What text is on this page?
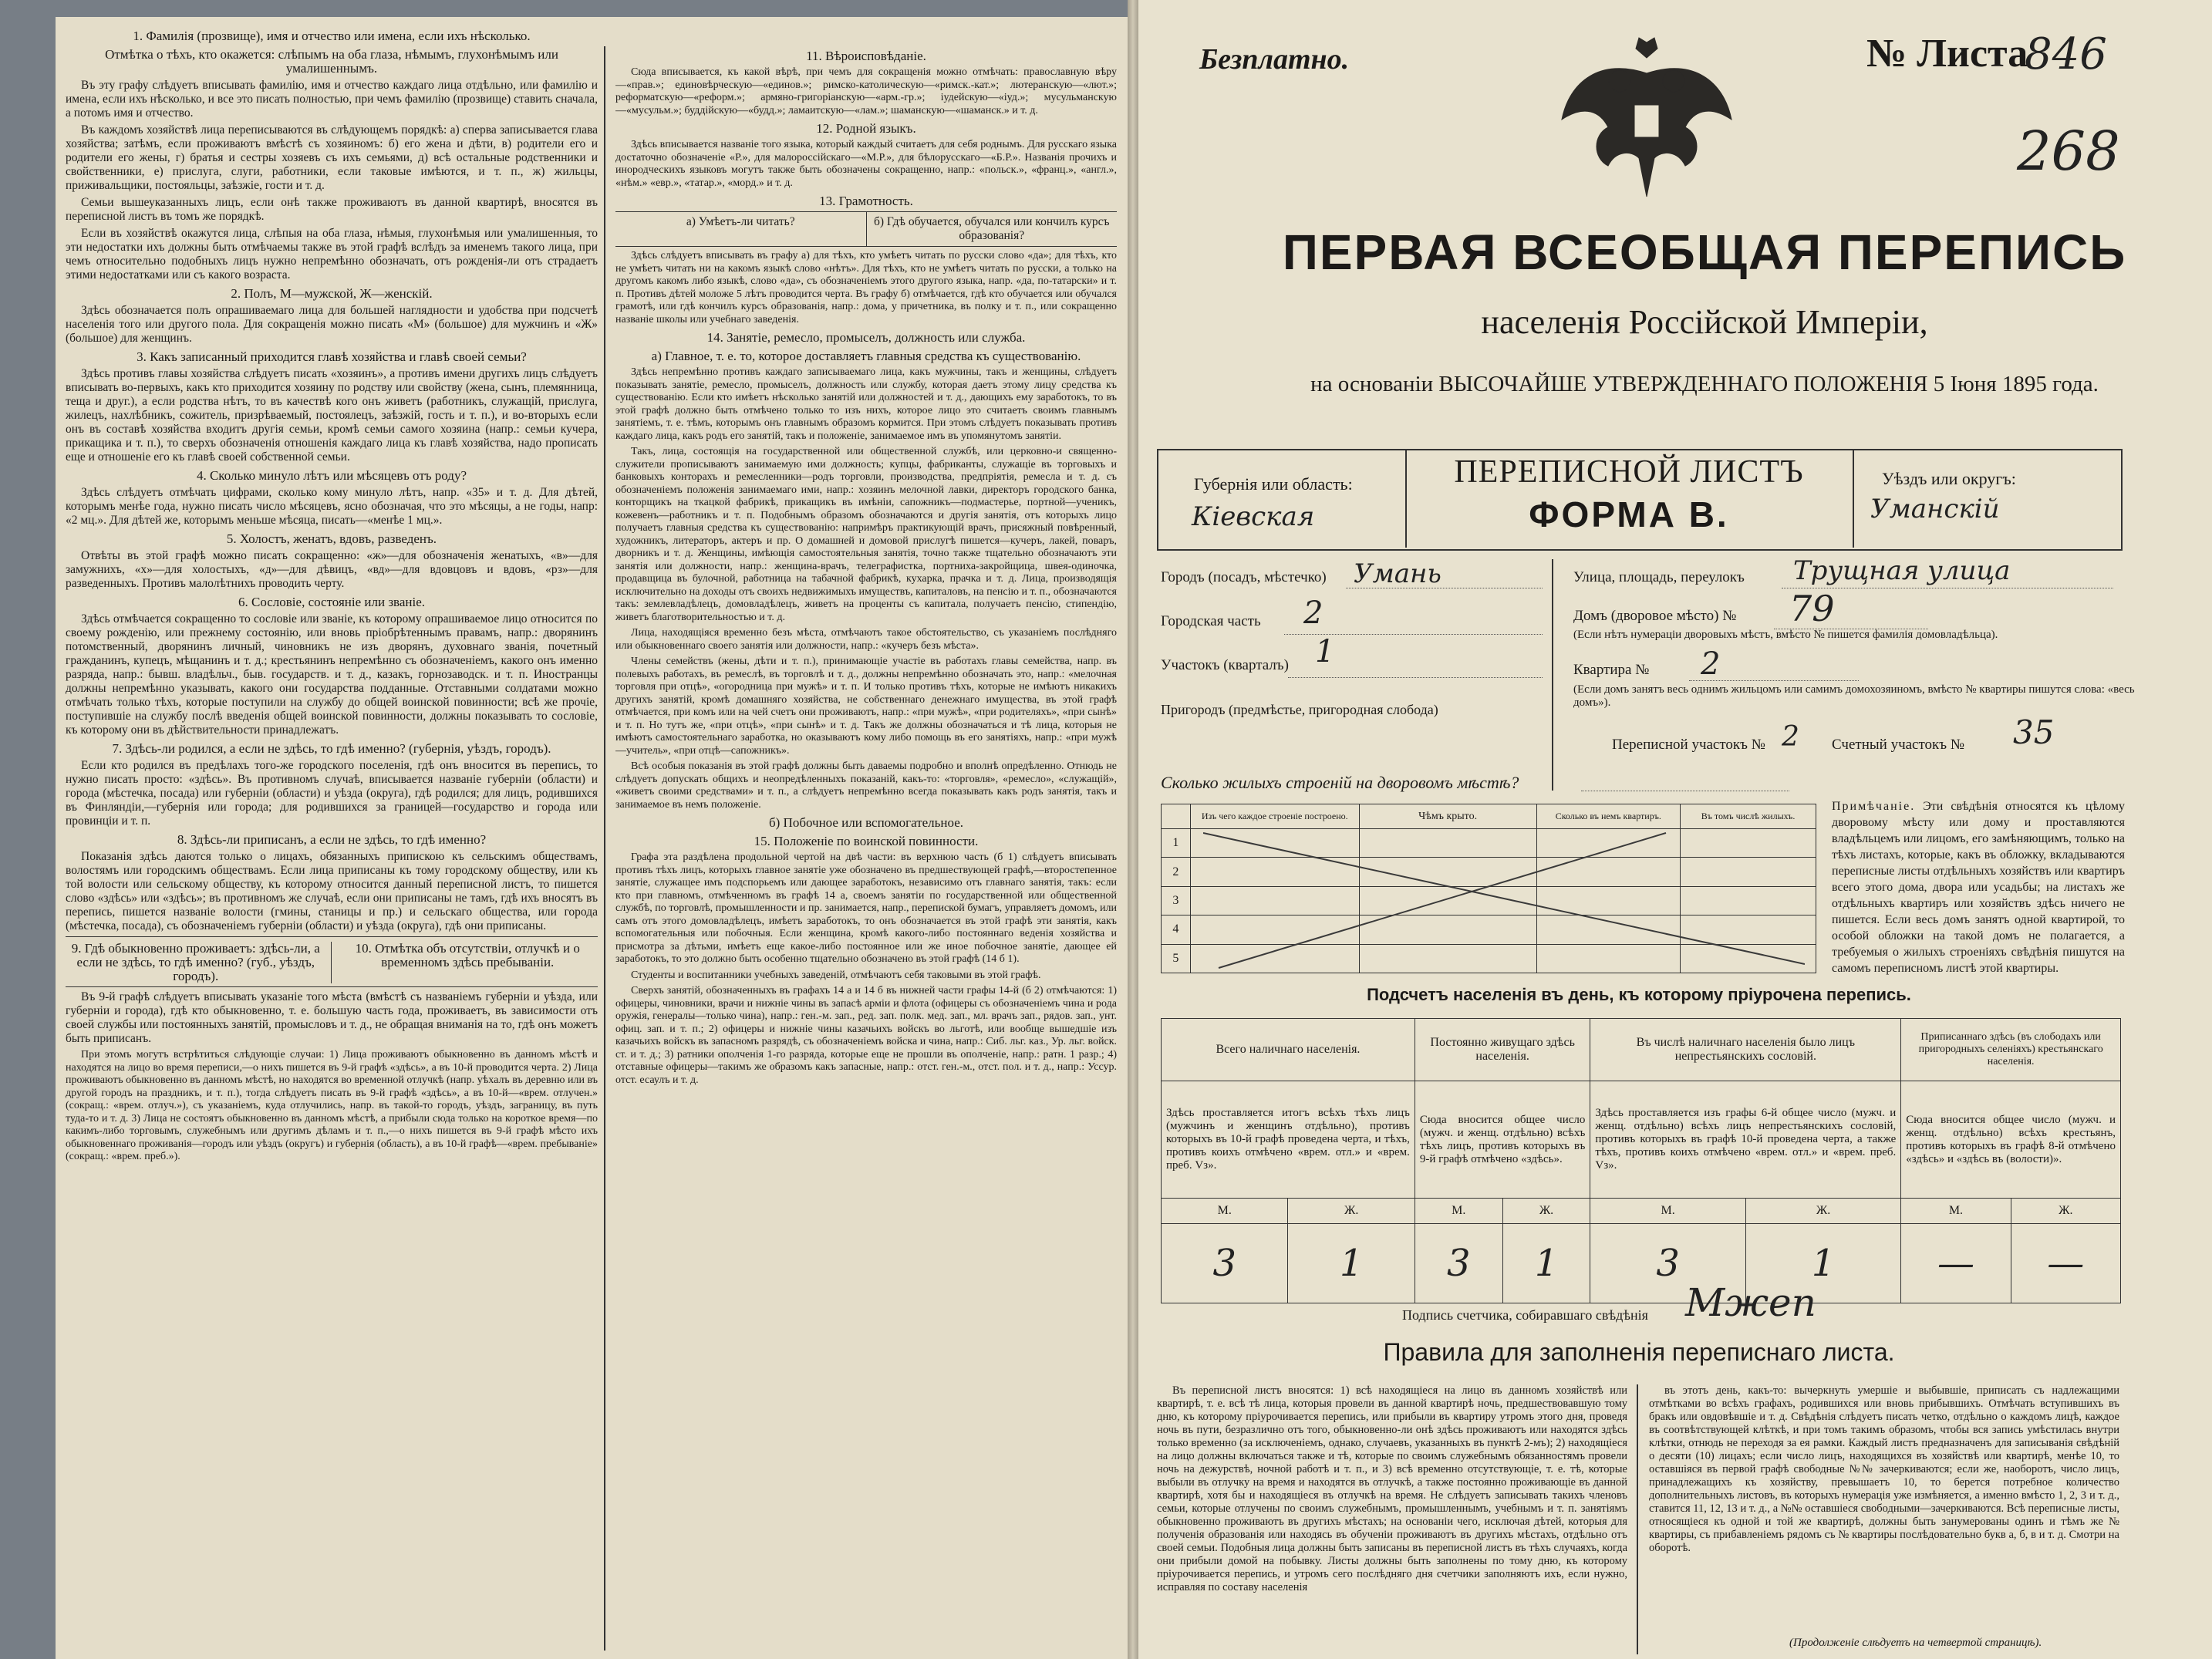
1. Фамилія (прозвище), имя и отчество или имена, если ихъ нѣсколько.
Отмѣтка о тѣхъ, кто окажется: слѣпымъ на оба глаза, нѣмымъ, глухонѣмымъ или умалишеннымъ.

Въ эту графу слѣдуетъ вписывать фамилію, имя и отчество каждаго лица отдѣльно, или фамилію и имена, если ихъ нѣсколько, и все это писать полностью, при чемъ фамилію (прозвище) ставить сначала, а потомъ имя и отчество.

Въ каждомъ хозяйствѣ лица переписываются въ слѣдующемъ порядкѣ: а) сперва записывается глава хозяйства; затѣмъ, если проживаютъ вмѣстѣ съ хозяиномъ: б) его жена и дѣти, в) родители его и родители его жены, г) братья и сестры хозяевъ съ ихъ семьями, д) всѣ остальные родственники и свойственники, е) прислуга, слуги, работники, если таковые имѣются, и т. п., ж) жильцы, приживальщики, постояльцы, заѣзжіе, гости и т. д.

Семьи вышеуказанныхъ лицъ, если онѣ также проживаютъ въ данной квартирѣ, вносятся въ переписной листъ въ томъ же порядкѣ.

Если въ хозяйствѣ окажутся лица, слѣпыя на оба глаза, нѣмыя, глухонѣмыя или умалишенныя, то эти недостатки ихъ должны быть отмѣчаемы также въ этой графѣ вслѣдъ за именемъ такого лица, при чемъ относительно подобныхъ лицъ нужно непремѣнно обозначать, отъ рожденія-ли отъ страдаетъ этими недостатками или съ какого возраста.

2. Полъ, М—мужской, Ж—женскій.

Здѣсь обозначается полъ опрашиваемаго лица для большей наглядности и удобства при подсчетѣ населенія того или другого пола. Для сокращенія можно писать «М» (большое) для мужчинъ и «Ж» (большое) для женщинъ.

3. Какъ записанный приходится главѣ хозяйства и главѣ своей семьи?

Здѣсь противъ главы хозяйства слѣдуетъ писать «хозяинъ», а противъ имени другихъ лицъ слѣдуетъ вписывать во-первыхъ, какъ кто приходится хозяину по родству или свойству (жена, сынъ, племянница, теща и друг.), а если родства нѣтъ, то въ качествѣ кого онъ живетъ (работникъ, служащій, прислуга, жилецъ, нахлѣбникъ, сожитель, призрѣваемый, постоялецъ, заѣзжій, гость и т. п.), и во-вторыхъ если онъ въ составѣ хозяйства входитъ другія семьи, кромѣ семьи самого хозяина (напр.: семьи кучера, прикащика и т. п.), то сверхъ обозначенія отношенія каждаго лица къ главѣ хозяйства, надо прописать еще и отношеніе его къ главѣ своей собственной семьи.

4. Сколько минуло лѣтъ или мѣсяцевъ отъ роду?

Здѣсь слѣдуетъ отмѣчать цифрами, сколько кому минуло лѣтъ, напр. «35» и т. д. Для дѣтей, которымъ менѣе года, нужно писать число мѣсяцевъ, ясно обозначая, что это мѣсяцы, а не годы, напр: «2 мц.». Для дѣтей же, которымъ меньше мѣсяца, писать—«менѣе 1 мц.».

5. Холостъ, женатъ, вдовъ, разведенъ.

Отвѣты въ этой графѣ можно писать сокращенно: «ж»—для обозначенія женатыхъ, «в»—для замужнихъ, «х»—для холостыхъ, «д»—для дѣвицъ, «вд»—для вдовцовъ и вдовъ, «рз»—для разведенныхъ. Противъ малолѣтнихъ проводить черту.

6. Сословіе, состояніе или званіе.

Здѣсь отмѣчается сокращенно то сословіе или званіе, къ которому опрашиваемое лицо относится по своему рожденію, или прежнему состоянію, или вновь пріобрѣтеннымъ правамъ, напр.: дворянинъ потомственный, дворянинъ личный, чиновникъ не изъ дворянъ, духовнаго званія, почетный гражданинъ, купецъ, мѣщанинъ и т. д.; крестьянинъ непремѣнно съ обозначеніемъ, какого онъ именно разряда, напр.: бывш. владѣльч., быв. государств. и т. д., казакъ, горнозаводск. и т. п. Иностранцы должны непремѣнно указывать, какого они государства подданные. Отставными солдатами можно отмѣчать только тѣхъ, которые поступили на службу до общей воинской повинности; всѣ же прочіе, поступившіе на службу послѣ введенія общей воинской повинности, должны показывать то сословіе, къ которому они въ дѣйствительности принадлежатъ.

7. Здѣсь-ли родился, а если не здѣсь, то гдѣ именно? (губернія, уѣздъ, городъ).

Если кто родился въ предѣлахъ того-же городского поселенія, гдѣ онъ вносится въ перепись, то нужно писать просто: «здѣсь». Въ противномъ случаѣ, вписывается названіе губерніи (области) и города (мѣстечка, посада) или губерніи (области) и уѣзда (округа), гдѣ родился; для лицъ, родившихся въ Финляндіи,—губернія или города; для родившихся за границей—государство и города или провинціи и т. п.

8. Здѣсь-ли приписанъ, а если не здѣсь, то гдѣ именно?

Показанія здѣсь даются только о лицахъ, обязанныхъ припискою къ сельскимъ обществамъ, волостямъ или городскимъ обществамъ. Если лица приписаны къ тому городскому обществу, или къ той волости или сельскому обществу, къ которому относится данный переписной листъ, то пишется слово «здѣсь» или «здѣсь»; въ противномъ же случаѣ, если они приписаны не тамъ, гдѣ ихъ вносятъ въ перепись, пишется названіе волости (гмины, станицы и пр.) и сельскаго общества, или города (мѣстечка, посада), съ обозначеніемъ губерніи (области) и уѣзда (округа), гдѣ они приписаны.

9. Гдѣ обыкновенно проживаетъ: здѣсь-ли, а если не здѣсь, то гдѣ именно? (губ., уѣздъ, городъ).
10. Отмѣтка объ отсутствіи, отлучкѣ и о временномъ здѣсь пребываніи.

Въ 9-й графѣ слѣдуетъ вписывать указаніе того мѣста (вмѣстѣ съ названіемъ губерніи и уѣзда, или губерніи и города), гдѣ кто обыкновенно, т. е. большую часть года, проживаетъ, въ зависимости отъ своей службы или постоянныхъ занятій, промысловъ и т. д., не обращая вниманія на то, гдѣ онъ можетъ быть приписанъ.

При этомъ могутъ встрѣтиться слѣдующіе случаи: 1) Лица проживаютъ обыкновенно въ данномъ мѣстѣ и находятся на лицо во время переписи,—о нихъ пишется въ 9-й графѣ «здѣсь», а въ 10-й проводится черта. 2) Лица проживаютъ обыкновенно въ данномъ мѣстѣ, но находятся во временной отлучкѣ (напр. уѣхалъ въ деревню или въ другой городъ на праздникъ, и т. п.), тогда слѣдуетъ писать въ 9-й графѣ «здѣсь», а въ 10-й—«врем. отлучен.» (сокращ.: «врем. отлуч.»), съ указаніемъ, куда отлучились, напр. въ такой-то городъ, уѣздъ, заграницу, въ путь туда-то и т. д. 3) Лица не состоятъ обыкновенно въ данномъ мѣстѣ, а прибыли сюда только на короткое время—по какимъ-либо торговымъ, служебнымъ или другимъ дѣламъ и т. п.,—о нихъ пишется въ 9-й графѣ мѣсто ихъ обыкновеннаго проживанія—городъ или уѣздъ (округъ) и губернія (область), а въ 10-й графѣ—«врем. пребываніе» (сокращ.: «врем. преб.»).

11. Вѣроисповѣданіе.

Сюда вписывается, къ какой вѣрѣ, при чемъ для сокращенія можно отмѣчать: православную вѣру—«прав.»; единовѣрческую—«единов.»; римско-католическую—«римск.-кат.»; лютеранскую—«лют.»; реформатскую—«реформ.»; армяно-григоріанскую—«арм.-гр.»; іудейскую—«іуд.»; мусульманскую—«мусульм.»; буддійскую—«будд.»; ламаитскую—«лам.»; шаманскую—«шаманск.» и т. д.

12. Родной языкъ.

Здѣсь вписывается названіе того языка, который каждый считаетъ для себя роднымъ. Для русскаго языка достаточно обозначеніе «Р.», для малороссійскаго—«М.Р.», для бѣлорусскаго—«Б.Р.». Названія прочихъ и инородческихъ языковъ могутъ также быть обозначены сокращенно, напр.: «польск.», «франц.», «англ.», «нѣм.» «евр.», «татар.», «морд.» и т. д.

13. Грамотность.
а) Умѣетъ-ли читать?	б) Гдѣ обучается, обучался или кончилъ курсъ образованія?

Здѣсь слѣдуетъ вписывать въ графу а) для тѣхъ, кто умѣетъ читать по русски слово «да»; для тѣхъ, кто не умѣетъ читать ни на какомъ языкѣ слово «нѣтъ». Для тѣхъ, кто не умѣетъ читать по русски, а только на другомъ какомъ либо языкѣ, слово «да», съ обозначеніемъ этого другого языка, напр. «да, по-татарски» и т. п. Противъ дѣтей моложе 5 лѣтъ проводится черта. Въ графу б) отмѣчается, гдѣ кто обучается или обучался грамотѣ, или гдѣ кончилъ курсъ образованія, напр.: дома, у причетника, въ полку и т. п., или сокращенно названіе школы или учебнаго заведенія.

14. Занятіе, ремесло, промыселъ, должность или служба.
а) Главное, т. е. то, которое доставляетъ главныя средства къ существованію.

Здѣсь непремѣнно противъ каждаго записываемаго лица, какъ мужчины, такъ и женщины, слѣдуетъ показывать занятіе, ремесло, промыселъ, должность или службу, которая даетъ этому лицу средства къ существованію. Если кто имѣетъ нѣсколько занятій или должностей и т. д., дающихъ ему заработокъ, то въ этой графѣ должно быть отмѣчено только то изъ нихъ, которое лицо это считаетъ своимъ главнымъ занятіемъ, т. е. тѣмъ, которымъ онъ главнымъ образомъ кормится. При этомъ слѣдуетъ показывать противъ каждаго лица, какъ родъ его занятій, такъ и положеніе, занимаемое имъ въ упомянутомъ занятіи.

Такъ, лица, состоящія на государственной или общественной службѣ, или церковно-и священно-служители прописываютъ занимаемую ими должность; купцы, фабриканты, служащіе въ торговыхъ и банковыхъ конторахъ и ремесленники—родъ торговли, производства, предпріятія, ремесла и т. д. съ обозначеніемъ положенія занимаемаго ими, напр.: хозяинъ мелочной лавки, директоръ городского банка, конторщикъ на ткацкой фабрикѣ, прикащикъ въ имѣніи, сапожникъ—подмастерье, портной—ученикъ, кожевенъ—работникъ и т. п. Подобнымъ образомъ обозначаются и другія занятія, отъ которыхъ лицо получаетъ главныя средства къ существованію: напримѣръ практикующій врачъ, присяжный повѣренный, художникъ, литераторъ, актеръ и пр. О домашней и домовой прислугѣ пишется—кучеръ, лакей, поваръ, дворникъ и т. д. Женщины, имѣющія самостоятельныя занятія, точно также тщательно обозначаютъ эти занятія или должности, напр.: женщина-врачъ, телеграфистка, портниха-закройщица, швея-одиночка, продавщица въ булочной, работница на табачной фабрикѣ, кухарка, прачка и т. д. Лица, производящія исключительно на доходы отъ своихъ недвижимыхъ имуществъ, капиталовъ, на пенсію и т. п., обозначаются такъ: землевладѣлецъ, домовладѣлецъ, живетъ на проценты съ капитала, получаетъ пенсію, стипендію, живетъ благотворительностью и т. д.

Лица, находящіяся временно безъ мѣста, отмѣчаютъ такое обстоятельство, съ указаніемъ послѣдняго или обыкновеннаго своего занятія или должности, напр.: «кучеръ безъ мѣста».

Члены семействъ (жены, дѣти и т. п.), принимающіе участіе въ работахъ главы семейства, напр. въ полевыхъ работахъ, въ ремеслѣ, въ торговлѣ и т. д., должны непремѣнно обозначать это, напр.: «мелочная торговля при отцѣ», «огородница при мужѣ» и т. п. И только противъ тѣхъ, которые не имѣютъ никакихъ другихъ занятій, кромѣ домашняго хозяйства, не собственнаго денежнаго имущества, въ этой графѣ отмѣчается, при комъ или на чей счетъ они проживаютъ, напр.: «при мужѣ», «при родителяхъ», «при сынѣ» и т. п. Но тутъ же, «при отцѣ», «при сынѣ» и т. д. Такъ же должны обозначаться и тѣ лица, которыя не имѣютъ самостоятельнаго заработка, но оказываютъ кому либо помощь въ его занятіяхъ, напр.: «при мужѣ—учитель», «при отцѣ—сапожникъ».

Всѣ особыя показанія въ этой графѣ должны быть даваемы подробно и вполнѣ опредѣленно. Отнюдь не слѣдуетъ допускать общихъ и неопредѣленныхъ показаній, какъ-то: «торговля», «ремесло», «служащій», «живетъ своими средствами» и т. п., а слѣдуетъ непремѣнно всегда показывать какъ родъ занятія, такъ и занимаемое въ немъ положеніе.

б) Побочное или вспомогательное.
15. Положеніе по воинской повинности.

Графа эта раздѣлена продольной чертой на двѣ части: въ верхнюю часть (б 1) слѣдуетъ вписывать противъ тѣхъ лицъ, которыхъ главное занятіе уже обозначено въ предшествующей графѣ,—второстепенное занятіе, служащее имъ подспорьемъ или дающее заработокъ, независимо отъ главнаго занятія, такъ: если кто при главномъ, отмѣченномъ въ графѣ 14 а, своемъ занятіи по государственной или общественной службѣ, по торговлѣ, промышленности и пр. занимается, напр., перепиской бумагъ, управляетъ домомъ, или самъ отъ этого домовладѣлецъ, имѣетъ заработокъ, то онъ обозначается въ этой графѣ эти занятія, какъ вспомогательныя или побочныя. Если женщина, кромѣ какого-либо постояннаго веденія хозяйства и присмотра за дѣтьми, имѣетъ еще какое-либо постоянное или же иное побочное занятіе, дающее ей заработокъ, то это должно быть особенно тщательно обозначено въ этой графѣ (14 б 1).

Студенты и воспитанники учебныхъ заведеній, отмѣчаютъ себя таковыми въ этой графѣ.

Сверхъ занятій, обозначенныхъ въ графахъ 14 а и 14 б въ нижней части графы 14-й (б 2) отмѣчаются: 1) офицеры, чиновники, врачи и нижніе чины въ запасѣ арміи и флота (офицеры съ обозначеніемъ чина и рода оружія, генералы—только чина), напр.: ген.-м. зап., ред. зап. полк. мед. зап., мл. врачъ зап., рядов. зап., унт. офиц. зап. и т. п.; 2) офицеры и нижніе чины казачьихъ войскъ во льготѣ, или вообще вышедшіе изъ казачьихъ войскъ въ запасномъ разрядѣ, съ обозначеніемъ войска и чина, напр.: Сиб. льг. каз., Ур. льг. войск. ст. и т. д.; 3) ратники ополченія 1-го разряда, которые еще не прошли въ ополченіе, напр.: ратн. 1 разр.; 4) отставные офицеры—такимъ же образомъ какъ запасные, напр.: отст. ген.-м., отст. пол. и т. д., напр.: Уссур. отст. есаулъ и т. д.

Безплатно.	№ Листа
846
268
ПЕРВАЯ ВСЕОБЩАЯ ПЕРЕПИСЬ
населенія Россійской Имперіи,
на основаніи ВЫСОЧАЙШЕ УТВЕРЖДЕННАГО ПОЛОЖЕНІЯ 5 Іюня 1895 года.
Губернія или область:
Кіевская
ПЕРЕПИСНОЙ ЛИСТЪ
ФОРМА В.
Уѣздъ или округъ:
Уманскій
Городъ (посадъ, мѣстечко) Умань
Городская часть 2
Участокъ (кварталъ) 1
Пригородъ (предмѣстье, пригородная слобода)
Улица, площадь, переулокъ Трущная улица
Домъ (дворовое мѣсто) № 79
(Если нѣтъ нумераціи дворовыхъ мѣстъ, вмѣсто № пишется фамилія домовладѣльца).
Квартира № 2
(Если домъ занятъ весь однимъ жильцомъ или самимъ домохозяиномъ, вмѣсто № квартиры пишутся слова: «весь домъ»).
Переписной участокъ № 2 Счетный участокъ № 35
Сколько жилыхъ строеній на дворовомъ мѣстѣ?
	Изъ чего каждое строеніе построено.	Чѣмъ крыто.	Сколько въ немъ квартиръ.	Въ томъ числѣ жилыхъ.
1				
2				
3				
4				
5				
Примѣчаніе. Эти свѣдѣнія относятся къ цѣлому дворовому мѣсту или дому и проставляются владѣльцемъ или лицомъ, его замѣняющимъ, только на тѣхъ листахъ, которые, какъ въ обложку, вкладываются переписные листы отдѣльныхъ хозяйствъ или квартиръ всего этого дома, двора или усадьбы; на листахъ же отдѣльныхъ квартиръ или хозяйствъ здѣсь ничего не пишется. Если весь домъ занятъ одной квартирой, то особой обложки на такой домъ не полагается, а требуемыя о жилыхъ строеніяхъ свѣдѣнія пишутся на самомъ переписномъ листѣ этой квартиры.
Подсчетъ населенія въ день, къ которому пріурочена перепись.
Всего наличнаго населенія.		Постоянно живущаго здѣсь населенія.		Въ числѣ наличнаго населенія было лицъ непрестьянскихъ сословій.		Приписаннаго здѣсь (въ слободахъ или пригородныхъ селеніяхъ) крестьянскаго населенія.	
Здѣсь проставляется итогъ всѣхъ тѣхъ лицъ (мужчинъ и женщинъ отдѣльно), противъ которыхъ въ 10-й графѣ проведена черта, и тѣхъ, противъ коихъ отмѣчено «врем. отл.» и «врем. преб. Vз».		Сюда вносится общее число (мужч. и женщ. отдѣльно) всѣхъ тѣхъ лицъ, противъ которыхъ въ 9-й графѣ отмѣчено «здѣсь».		Здѣсь проставляется изъ графы 6-й общее число (мужч. и женщ. отдѣльно) всѣхъ лицъ непрестьянскихъ сословій, противъ которыхъ въ графѣ 10-й проведена черта, а также тѣхъ, противъ коихъ отмѣчено «врем. отл.» и «врем. преб. Vз».		Сюда вносится общее число (мужч. и женщ. отдѣльно) всѣхъ крестьянъ, противъ которыхъ въ графѣ 8-й отмѣчено «здѣсь» и «здѣсь въ (волости)».	
М.	Ж.	М.	Ж.	М.	Ж.	М.	Ж.
3	1	3	1	3	1	—	—
Подпись счетчика, собиравшаго свѣдѣнія Мжеп
Правила для заполненія переписнаго листа.

Въ переписной листъ вносятся: 1) всѣ находящіеся на лицо въ данномъ хозяйствѣ или квартирѣ, т. е. всѣ тѣ лица, которыя провели въ данной квартирѣ ночь, предшествовавшую тому дню, къ которому пріурочивается перепись, или прибыли въ квартиру утромъ этого дня, проведя ночь въ пути, безразлично отъ того, обыкновенно-ли онѣ здѣсь проживаютъ или находятся здѣсь только временно (за исключеніемъ, однако, случаевъ, указанныхъ въ пунктѣ 2-мъ); 2) находящіеся на лицо должны включаться также и тѣ, которые по своимъ служебнымъ обязанностямъ провели ночь на дежурствѣ, ночной работѣ и т. п., и 3) всѣ временно отсутствующіе, т. е. тѣ, которые выбыли въ отлучку на время и находятся въ отлучкѣ, а также постоянно проживающіе въ данной квартирѣ, хотя бы и находящіеся въ отлучкѣ на время. Не слѣдуетъ записывать такихъ членовъ семьи, которые отлучены по своимъ служебнымъ, промышленнымъ, учебнымъ и т. п. занятіямъ обыкновенно проживаютъ въ другихъ мѣстахъ; на основаніи чего, исключая дѣтей, которыя для полученія образованія или находясь въ обученіи проживаютъ въ другихъ мѣстахъ, отдѣльно отъ своей семьи. Подобныя лица должны быть записаны въ переписной листъ въ тѣхъ случаяхъ, когда они прибыли домой на побывку. Листы должны быть заполнены по тому дню, къ которому пріурочивается перепись, и утромъ сего послѣдняго дня счетчики заполняютъ ихъ, если нужно, исправляя по составу населенія

въ этотъ день, какъ-то: вычеркнуть умершіе и выбывшіе, приписать съ надлежащими отмѣтками во всѣхъ графахъ, родившихся или вновь прибывшихъ. Отмѣчать вступившихъ въ бракъ или овдовѣвшіе и т. д. Свѣдѣнія слѣдуетъ писать четко, отдѣльно о каждомъ лицѣ, каждое въ соотвѣтствующей клѣткѣ, и при томъ такимъ образомъ, чтобы вся запись умѣстилась внутри клѣтки, отнюдь не переходя за ея рамки. Каждый листъ предназначенъ для записыванія свѣдѣній о десяти (10) лицахъ; если число лицъ, находящихся въ хозяйствѣ или квартирѣ, менѣе 10, то оставшіяся въ первой графѣ свободные №№ зачеркиваются; если же, наоборотъ, число лицъ, принадлежащихъ къ хозяйству, превышаетъ 10, то берется потребное количество дополнительныхъ листовъ, въ которыхъ нумерація уже измѣняется, а именно вмѣсто 1, 2, 3 и т. д., ставится 11, 12, 13 и т. д., а №№ оставшіеся свободными—зачеркиваются. Всѣ переписные листы, относящіеся къ одной и той же квартирѣ, должны быть занумерованы одинъ и тѣмъ же № квартиры, съ прибавленіемъ рядомъ съ № квартиры послѣдовательно букв а, б, в и т. д. Смотри на оборотѣ.

(Продолженіе слѣдуетъ на четвертой страницѣ).
